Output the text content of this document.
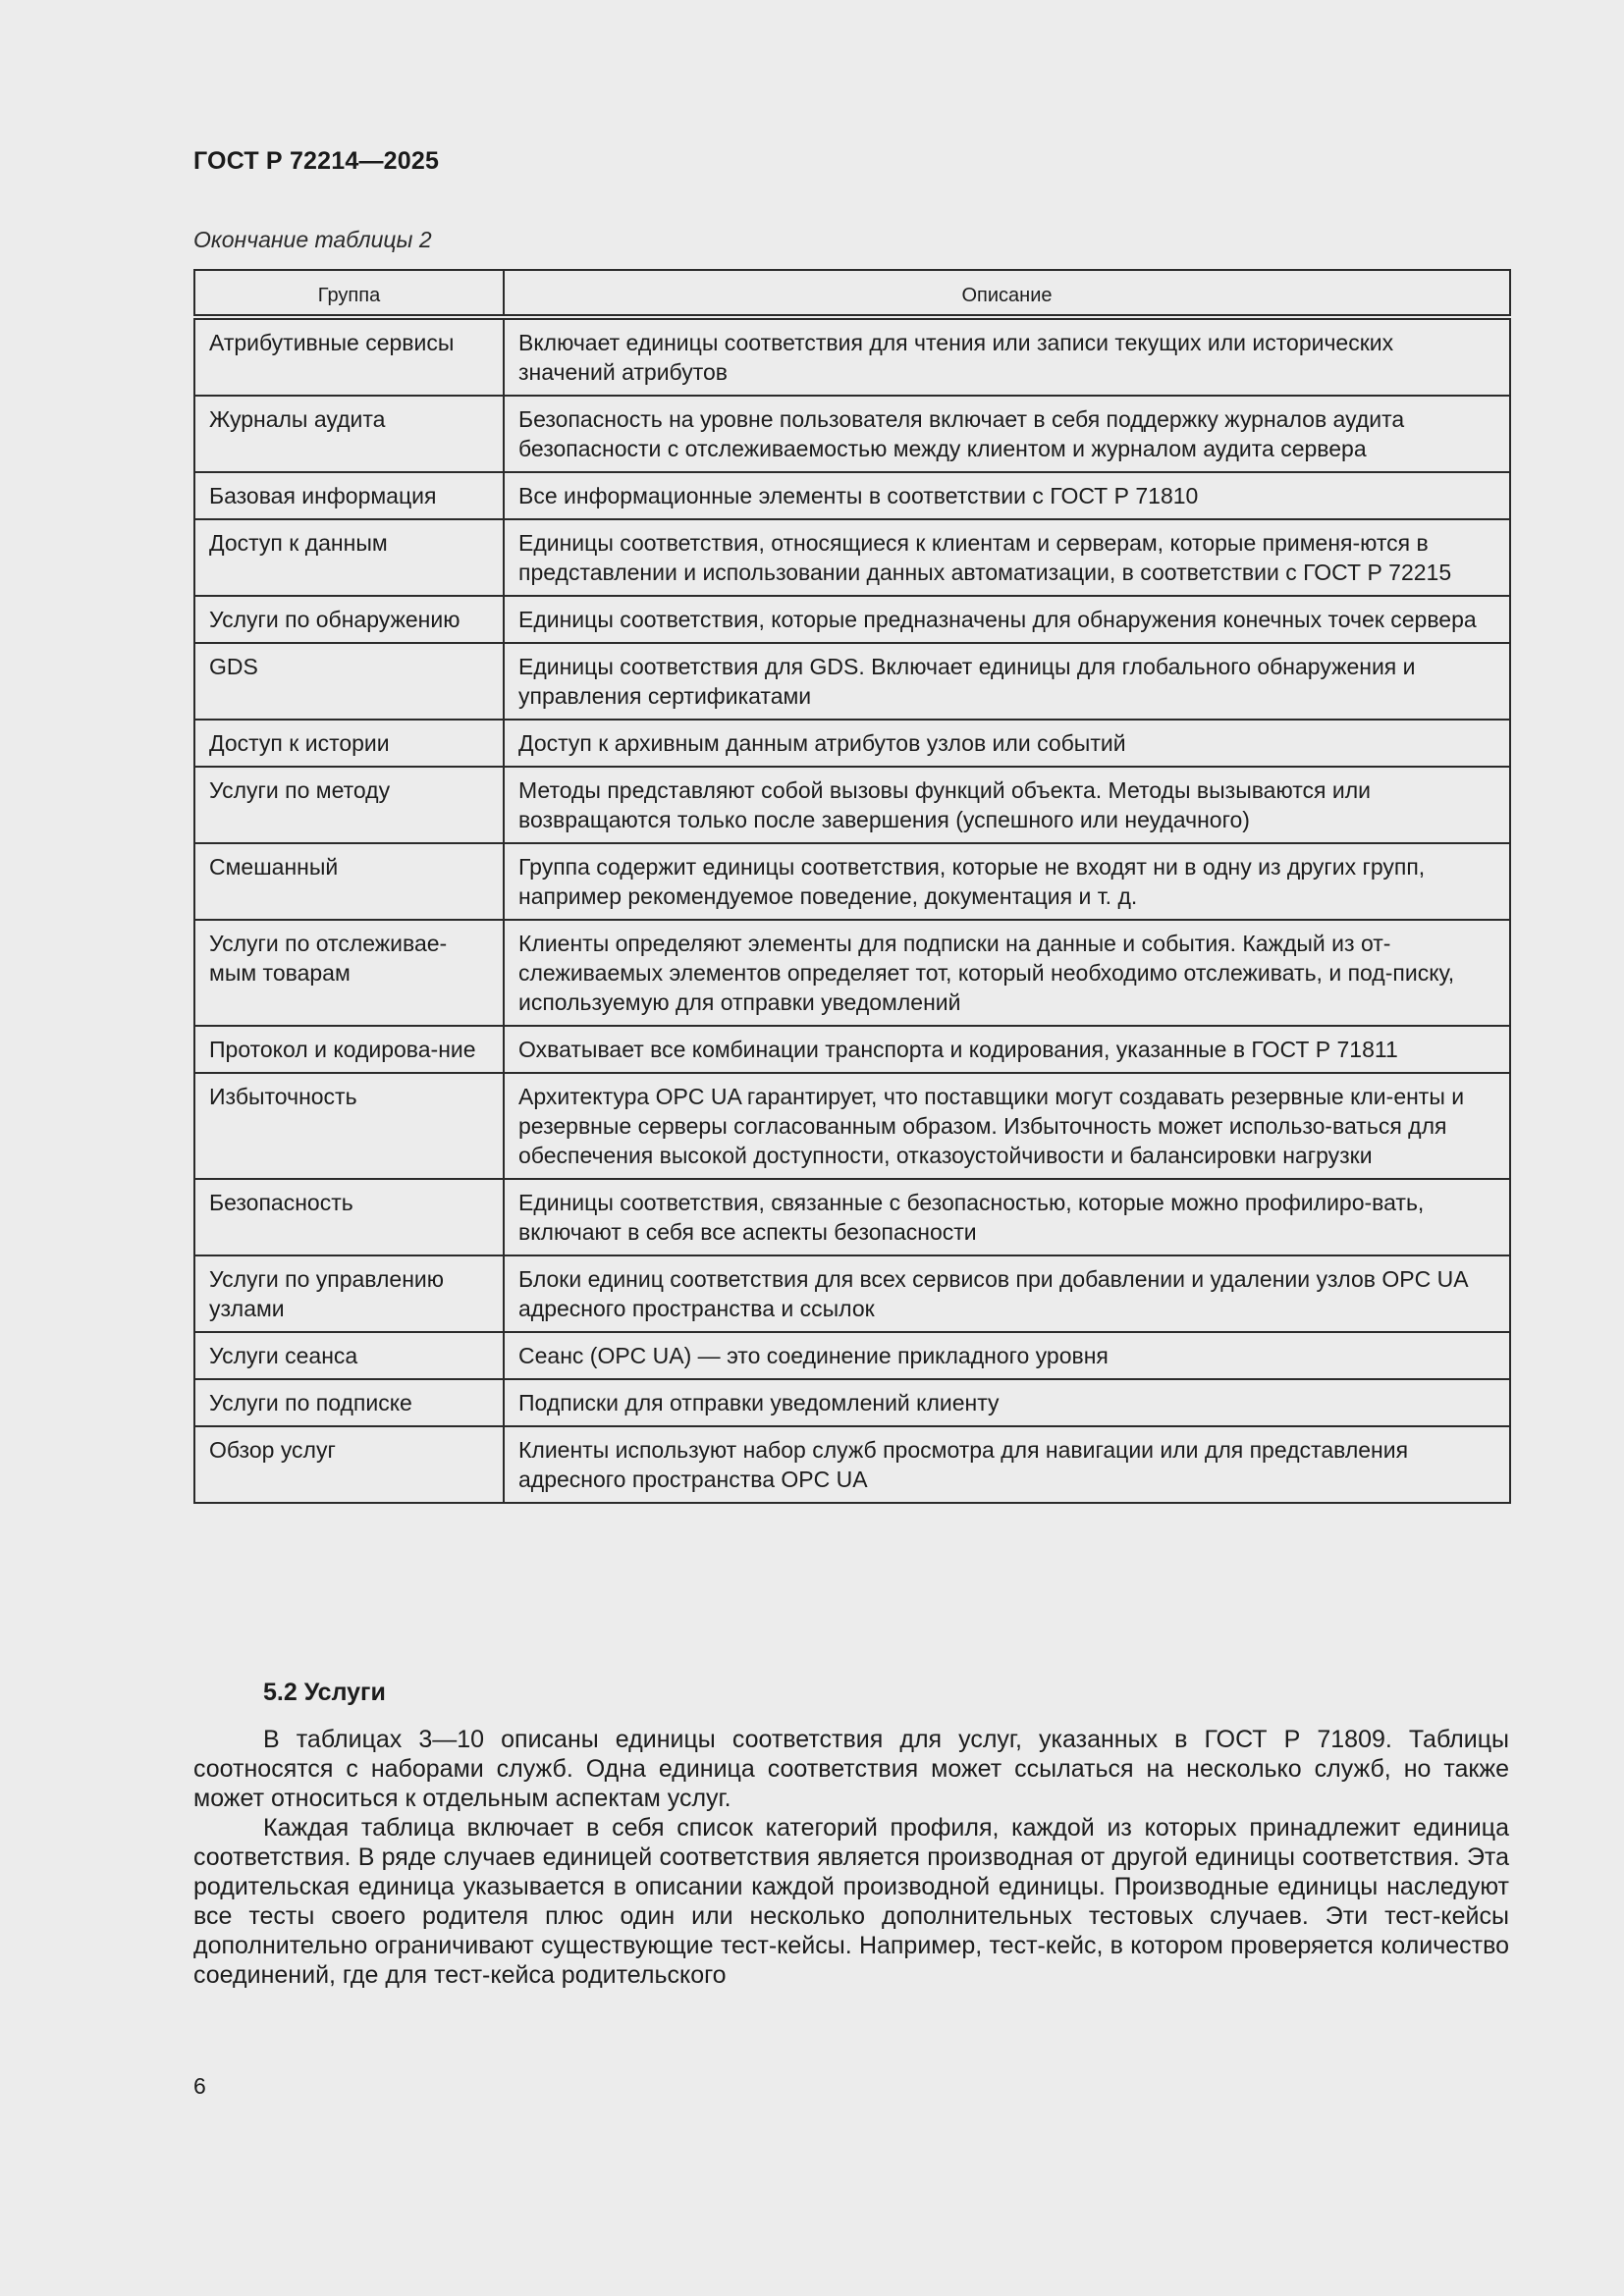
ГОСТ Р 72214—2025
Окончание таблицы 2
Группа	Описание
Атрибутивные сервисы	Включает единицы соответствия для чтения или записи текущих или исторических значений атрибутов
Журналы аудита	Безопасность на уровне пользователя включает в себя поддержку журналов аудита безопасности с отслеживаемостью между клиентом и журналом аудита сервера
Базовая информация	Все информационные элементы в соответствии с ГОСТ Р 71810
Доступ к данным	Единицы соответствия, относящиеся к клиентам и серверам, которые применя-ются в представлении и использовании данных автоматизации, в соответствии с ГОСТ Р 72215
Услуги по обнаружению	Единицы соответствия, которые предназначены для обнаружения конечных точек сервера
GDS	Единицы соответствия для GDS. Включает единицы для глобального обнаружения и управления сертификатами
Доступ к истории	Доступ к архивным данным атрибутов узлов или событий
Услуги по методу	Методы представляют собой вызовы функций объекта. Методы вызываются или возвращаются только после завершения (успешного или неудачного)
Смешанный	Группа содержит единицы соответствия, которые не входят ни в одну из других групп, например рекомендуемое поведение, документация и т. д.
Услуги по отслеживае-мым товарам	Клиенты определяют элементы для подписки на данные и события. Каждый из от-слеживаемых элементов определяет тот, который необходимо отслеживать, и под-писку, используемую для отправки уведомлений
Протокол и кодирова-ние	Охватывает все комбинации транспорта и кодирования, указанные в ГОСТ Р 71811
Избыточность	Архитектура OPC UA гарантирует, что поставщики могут создавать резервные кли-енты и резервные серверы согласованным образом. Избыточность может использо-ваться для обеспечения высокой доступности, отказоустойчивости и балансировки нагрузки
Безопасность	Единицы соответствия, связанные с безопасностью, которые можно профилиро-вать, включают в себя все аспекты безопасности
Услуги по управлению узлами	Блоки единиц соответствия для всех сервисов при добавлении и удалении узлов OPC UA адресного пространства и ссылок
Услуги сеанса	Сеанс (OPC UA) — это соединение прикладного уровня
Услуги по подписке	Подписки для отправки уведомлений клиенту
Обзор услуг	Клиенты используют набор служб просмотра для навигации или для представления адресного пространства OPC UA
5.2 Услуги

В таблицах 3—10 описаны единицы соответствия для услуг, указанных в ГОСТ Р 71809. Таблицы соотносятся с наборами служб. Одна единица соответствия может ссылаться на несколько служб, но также может относиться к отдельным аспектам услуг.

Каждая таблица включает в себя список категорий профиля, каждой из которых принадлежит единица соответствия. В ряде случаев единицей соответствия является производная от другой единицы соответствия. Эта родительская единица указывается в описании каждой производной единицы. Производные единицы наследуют все тесты своего родителя плюс один или несколько дополнительных тестовых случаев. Эти тест-кейсы дополнительно ограничивают существующие тест-кейсы. Например, тест-кейс, в котором проверяется количество соединений, где для тест-кейса родительского

6
